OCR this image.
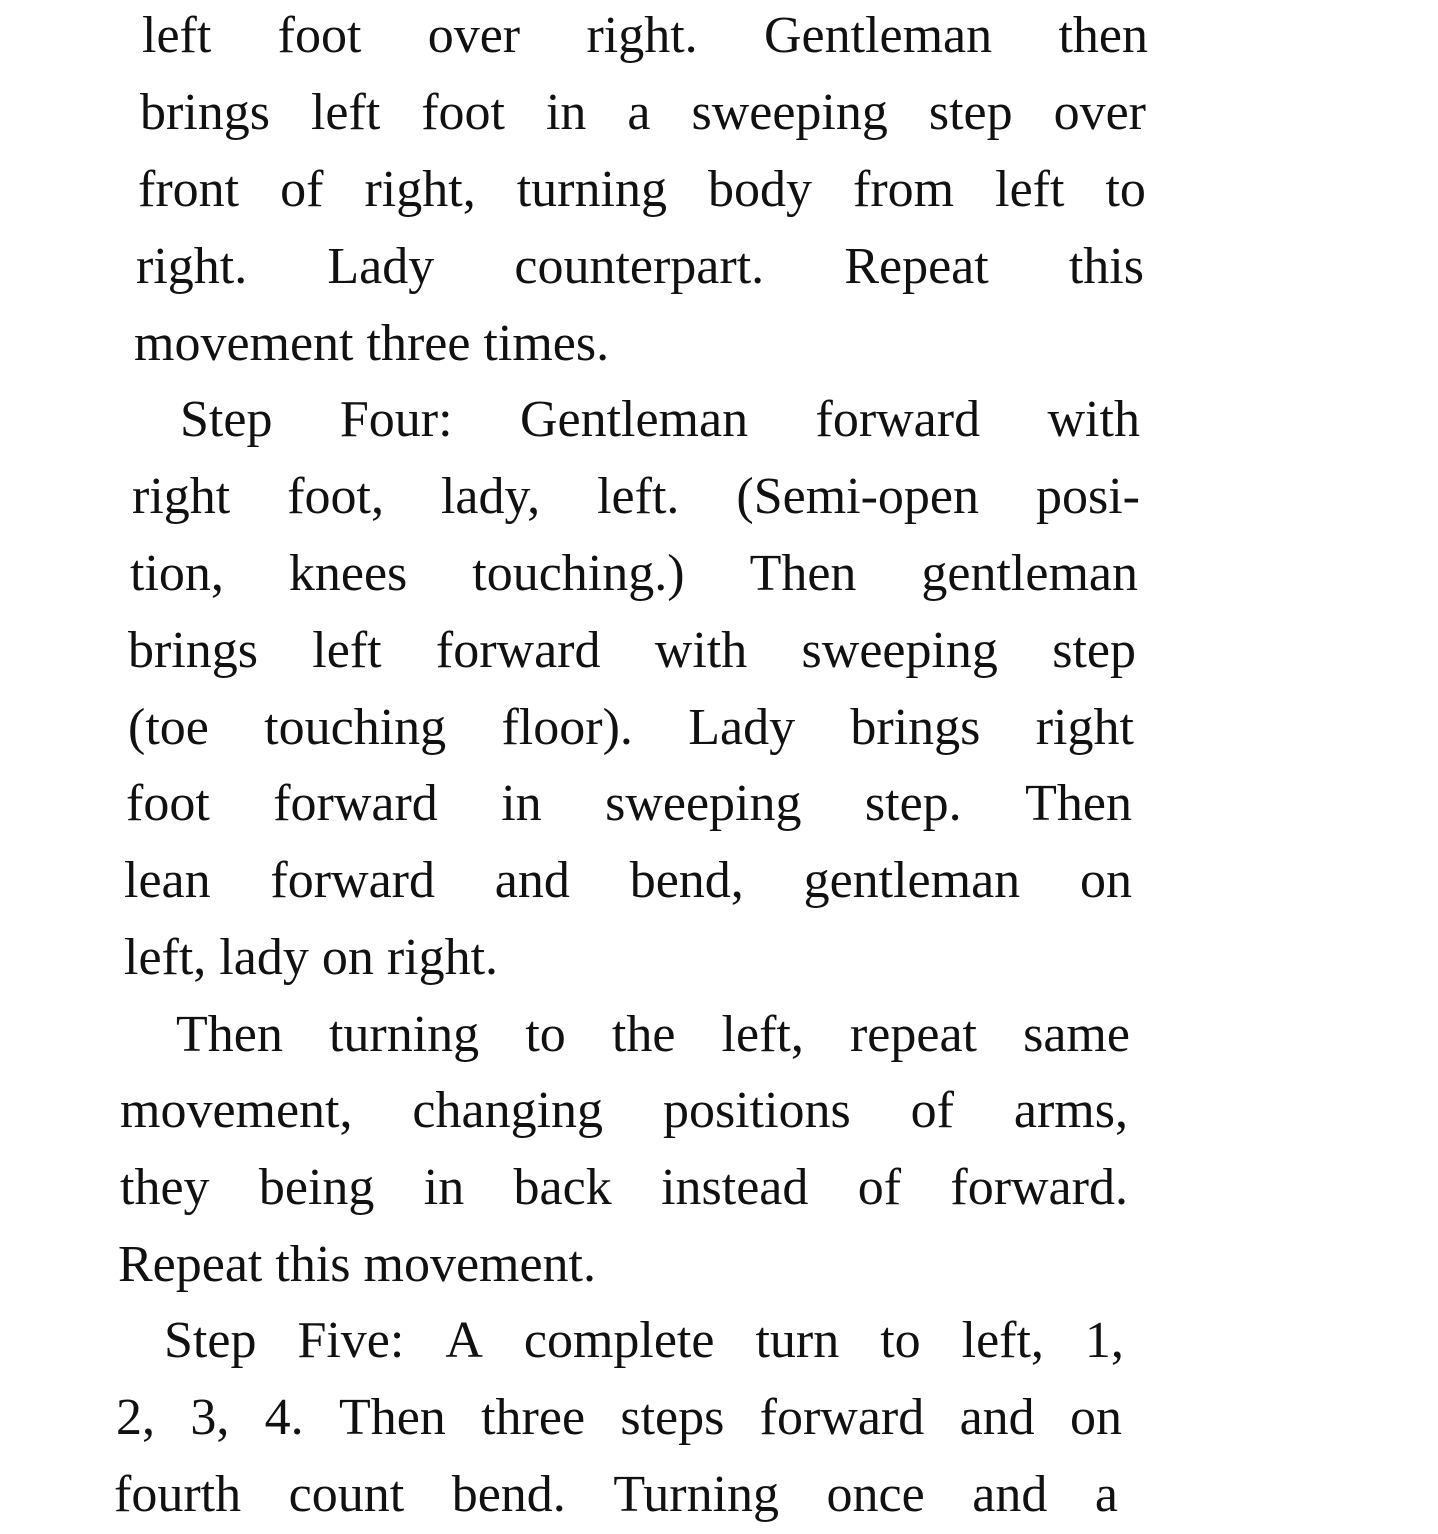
left foot over right. Gentleman then
brings left foot in a sweeping step over
front of right, turning body from left to
right. Lady counterpart. Repeat this
movement three times.
Step Four: Gentleman forward with
right foot, lady, left. (Semi-open posi-
tion, knees touching.) Then gentleman
brings left forward with sweeping step
(toe touching floor). Lady brings right
foot forward in sweeping step. Then
lean forward and bend, gentleman on
left, lady on right.
Then turning to the left, repeat same
movement, changing positions of arms,
they being in back instead of forward.
Repeat this movement.
Step Five: A complete turn to left, 1,
2, 3, 4. Then three steps forward and on
fourth count bend. Turning once and a
